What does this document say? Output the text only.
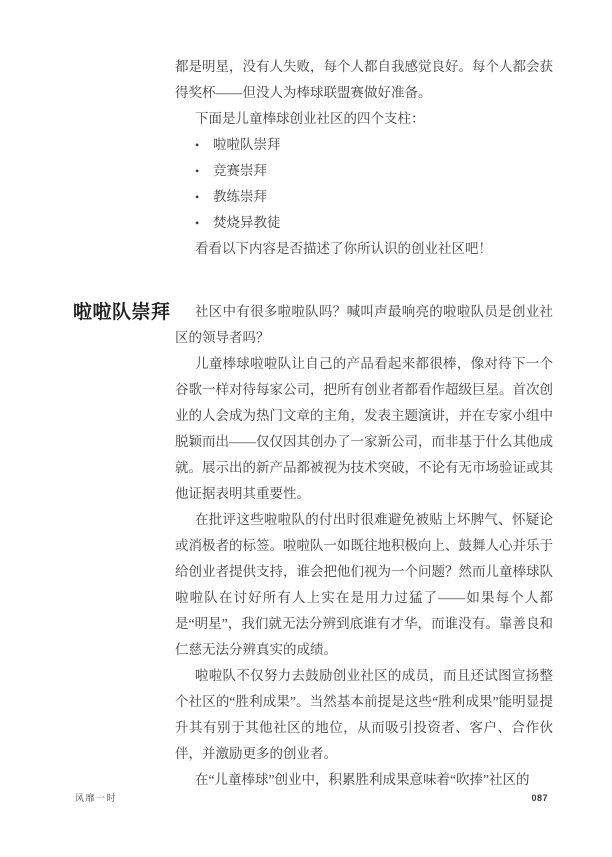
都是明星，没有人失败，每个人都自我感觉良好。每个人都会获得奖杯——但没人为棒球联盟赛做好准备。

下面是儿童棒球创业社区的四个支柱：

• 啦啦队崇拜
• 竞赛崇拜
• 教练崇拜
• 焚烧异教徒

看看以下内容是否描述了你所认识的创业社区吧！

啦啦队崇拜	社区中有很多啦啦队吗？喊叫声最响亮的啦啦队员是创业社区的领导者吗？

儿童棒球啦啦队让自己的产品看起来都很棒，像对待下一个谷歌一样对待每家公司，把所有创业者都看作超级巨星。首次创业的人会成为热门文章的主角，发表主题演讲，并在专家小组中脱颖而出——仅仅因其创办了一家新公司，而非基于什么其他成就。展示出的新产品都被视为技术突破，不论有无市场验证或其他证据表明其重要性。

在批评这些啦啦队的付出时很难避免被贴上坏脾气、怀疑论或消极者的标签。啦啦队一如既往地积极向上、鼓舞人心并乐于给创业者提供支持，谁会把他们视为一个问题？然而儿童棒球队啦啦队在讨好所有人上实在是用力过猛了——如果每个人都是“明星”，我们就无法分辨到底谁有才华，而谁没有。靠善良和仁慈无法分辨真实的成绩。

啦啦队不仅努力去鼓励创业社区的成员，而且还试图宣扬整个社区的“胜利成果”。当然基本前提是这些“胜利成果”能明显提升其有别于其他社区的地位，从而吸引投资者、客户、合作伙伴，并激励更多的创业者。

在“儿童棒球”创业中，积累胜利成果意味着“吹捧”社区的

风靡一时	087
